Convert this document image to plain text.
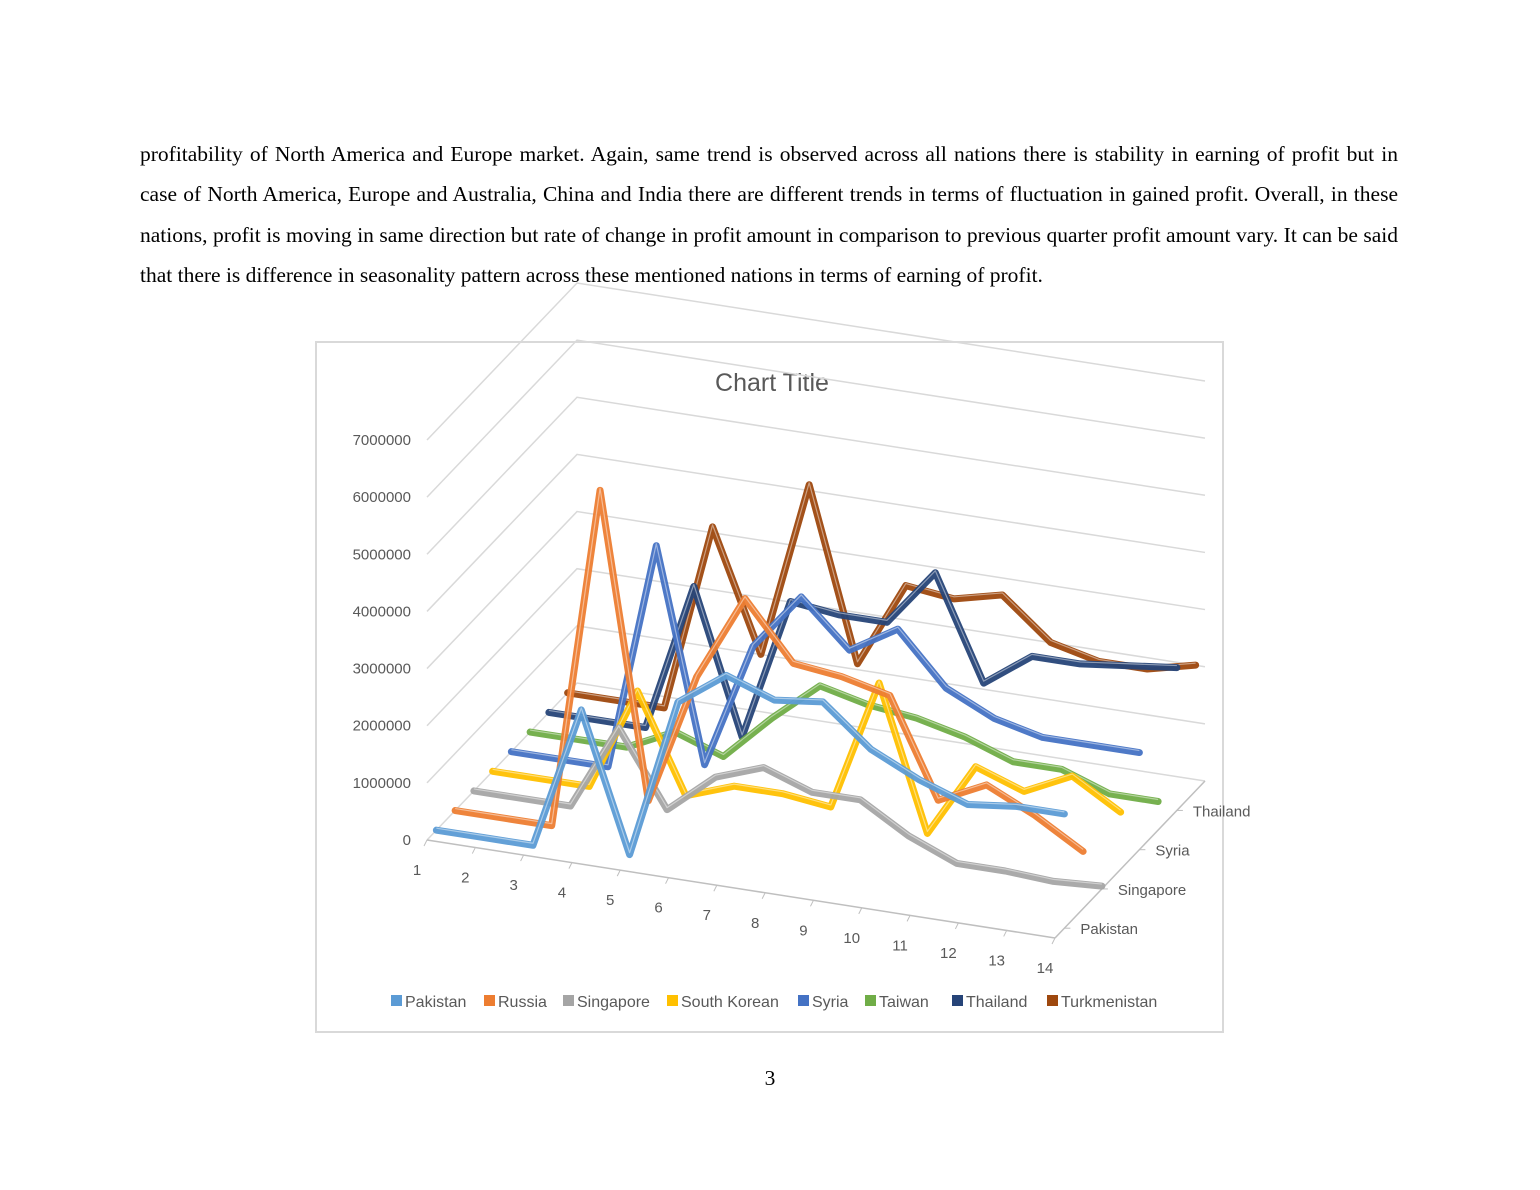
profitability of North America and Europe market. Again, same trend is observed across all nations there is stability in earning of profit but in case of North America, Europe and Australia, China and India there are different trends in terms of fluctuation in gained profit. Overall, in these nations, profit is moving in same direction but rate of change in profit amount in comparison to previous quarter profit amount vary. It can be said that there is difference in seasonality pattern across these mentioned nations in terms of earning of profit.

Chart Title
0
1000000
2000000
3000000
4000000
5000000
6000000
7000000
1	2	3	4	5	6	7	8	9 10 11 12 13 14
Pakistan
Singapore
Syria
Thailand
Pakistan Russia Singapore South Korean Syria Taiwan Thailand Turkmenistan
3
